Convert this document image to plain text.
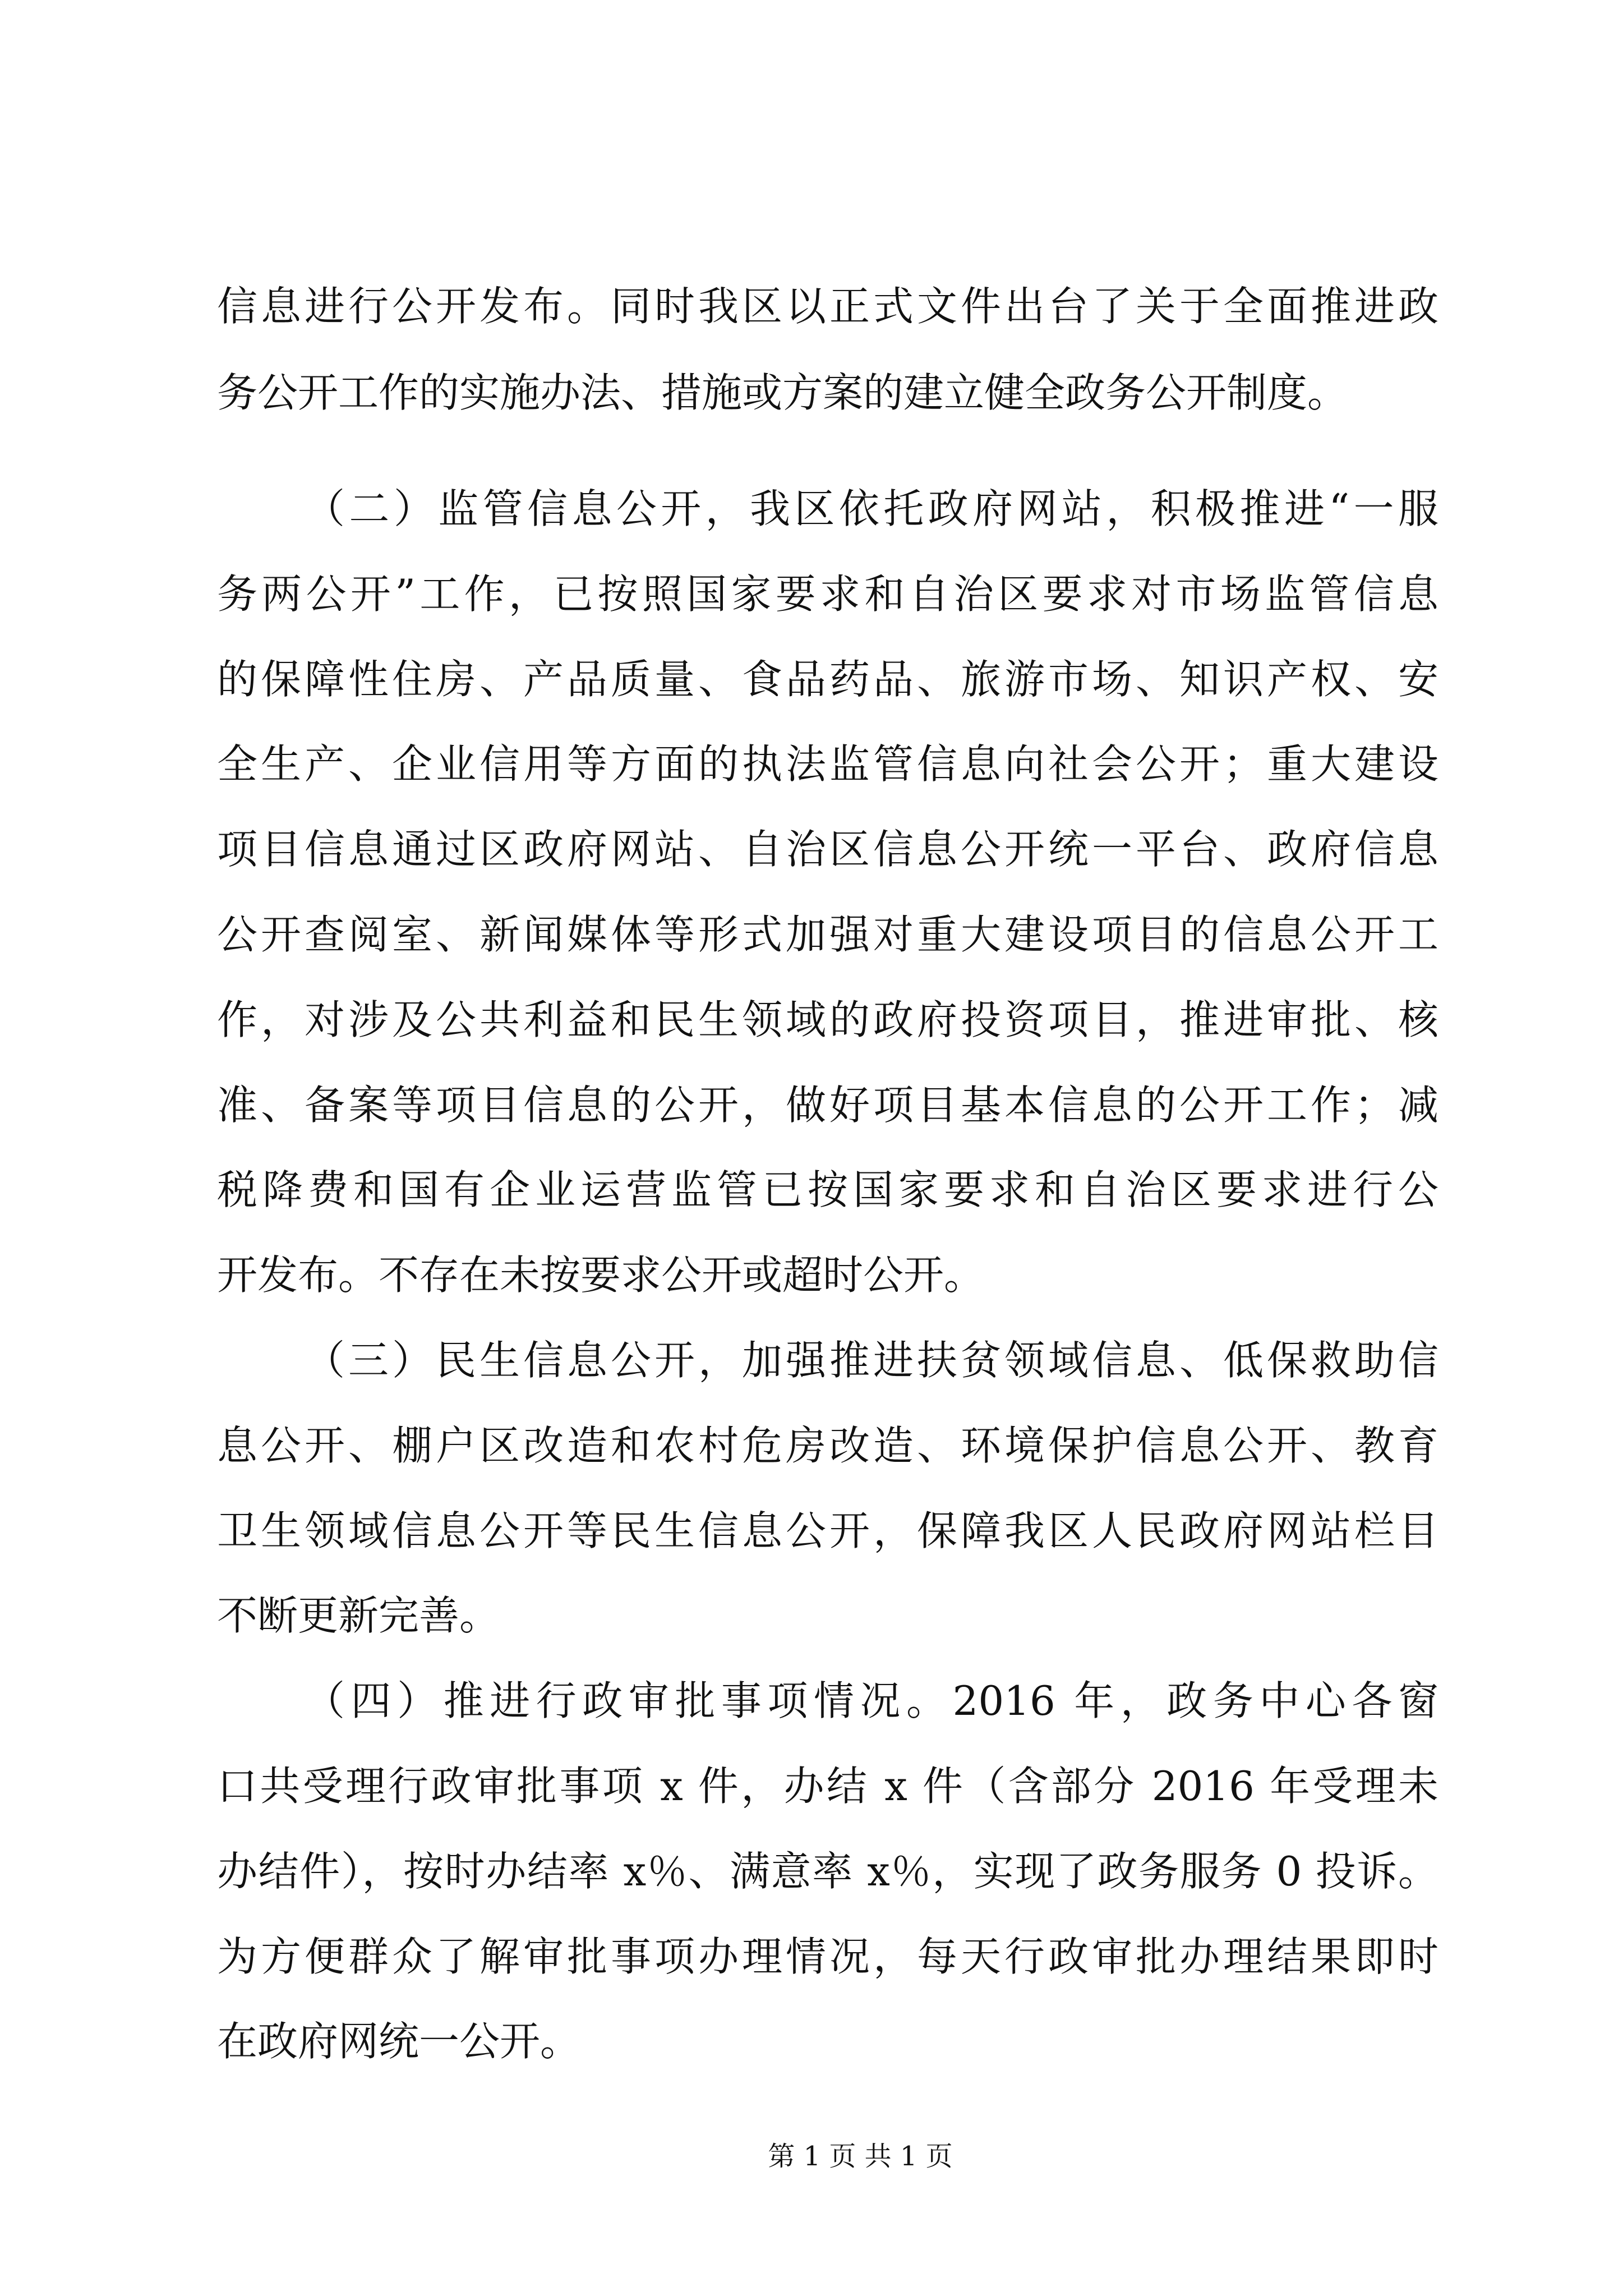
信息进行公开发布。同时我区以正式文件出台了关于全面推进政
务公开工作的实施办法、措施或方案的建立健全政务公开制度。
（二）监管信息公开，我区依托政府网站，积极推进“一服
务两公开”工作，已按照国家要求和自治区要求对市场监管信息
的保障性住房、产品质量、食品药品、旅游市场、知识产权、安
全生产、企业信用等方面的执法监管信息向社会公开；重大建设
项目信息通过区政府网站、自治区信息公开统一平台、政府信息
公开查阅室、新闻媒体等形式加强对重大建设项目的信息公开工
作，对涉及公共利益和民生领域的政府投资项目，推进审批、核
准、备案等项目信息的公开，做好项目基本信息的公开工作；减
税降费和国有企业运营监管已按国家要求和自治区要求进行公
开发布。不存在未按要求公开或超时公开。
（三）民生信息公开，加强推进扶贫领域信息、低保救助信
息公开、棚户区改造和农村危房改造、环境保护信息公开、教育
卫生领域信息公开等民生信息公开，保障我区人民政府网站栏目
不断更新完善。
（四）推进行政审批事项情况。2016 年，政务中心各窗
口共受理行政审批事项 x 件，办结 x 件（含部分 2016 年受理未
办结件），按时办结率 x％、满意率 x％，实现了政务服务 0 投诉。
为方便群众了解审批事项办理情况，每天行政审批办理结果即时
在政府网统一公开。
第 1 页 共 1 页
